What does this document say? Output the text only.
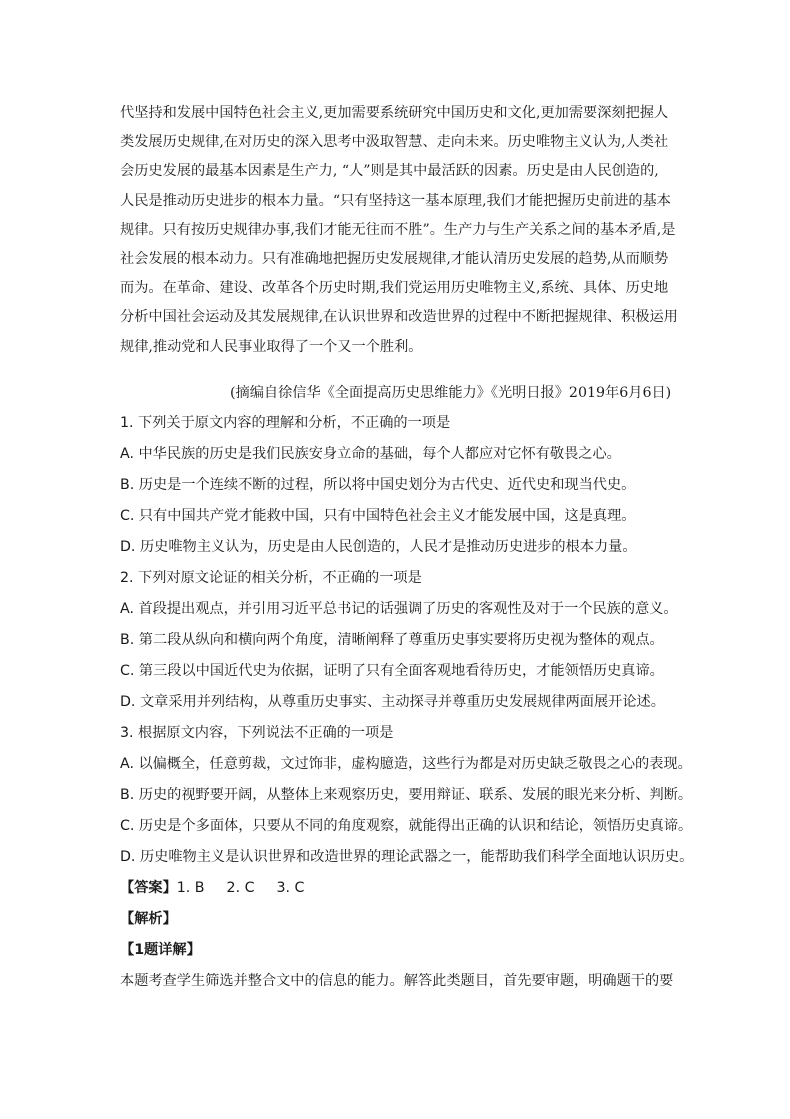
代坚持和发展中国特色社会主义,更加需要系统研究中国历史和文化,更加需要深刻把握人
类发展历史规律,在对历史的深入思考中汲取智慧、走向未来。历史唯物主义认为,人类社
会历史发展的最基本因素是生产力, “人”则是其中最活跃的因素。历史是由人民创造的,
人民是推动历史进步的根本力量。“只有坚持这一基本原理,我们才能把握历史前进的基本
规律。只有按历史规律办事,我们才能无往而不胜”。生产力与生产关系之间的基本矛盾,是
社会发展的根本动力。只有准确地把握历史发展规律,才能认清历史发展的趋势,从而顺势
而为。在革命、建设、改革各个历史时期,我们党运用历史唯物主义,系统、具体、历史地
分析中国社会运动及其发展规律,在认识世界和改造世界的过程中不断把握规律、积极运用
规律,推动党和人民事业取得了一个又一个胜利。
(摘编自徐信华《全面提高历史思维能力》《光明日报》2019年6月6日)
1. 下列关于原文内容的理解和分析，不正确的一项是
A. 中华民族的历史是我们民族安身立命的基础，每个人都应对它怀有敬畏之心。
B. 历史是一个连续不断的过程，所以将中国史划分为古代史、近代史和现当代史。
C. 只有中国共产党才能救中国，只有中国特色社会主义才能发展中国，这是真理。
D. 历史唯物主义认为，历史是由人民创造的，人民才是推动历史进步的根本力量。
2. 下列对原文论证的相关分析，不正确的一项是
A. 首段提出观点，并引用习近平总书记的话强调了历史的客观性及对于一个民族的意义。
B. 第二段从纵向和横向两个角度，清晰阐释了尊重历史事实要将历史视为整体的观点。
C. 第三段以中国近代史为依据，证明了只有全面客观地看待历史，才能领悟历史真谛。
D. 文章采用并列结构，从尊重历史事实、主动探寻并尊重历史发展规律两面展开论述。
3. 根据原文内容，下列说法不正确的一项是
A. 以偏概全，任意剪裁，文过饰非，虚构臆造，这些行为都是对历史缺乏敬畏之心的表现。
B. 历史的视野要开阔，从整体上来观察历史，要用辩证、联系、发展的眼光来分析、判断。
C. 历史是个多面体，只要从不同的角度观察，就能得出正确的认识和结论，领悟历史真谛。
D. 历史唯物主义是认识世界和改造世界的理论武器之一，能帮助我们科学全面地认识历史。
【答案】1. B 2. C 3. C
【解析】
【1题详解】
本题考查学生筛选并整合文中的信息的能力。解答此类题目，首先要审题，明确题干的要
